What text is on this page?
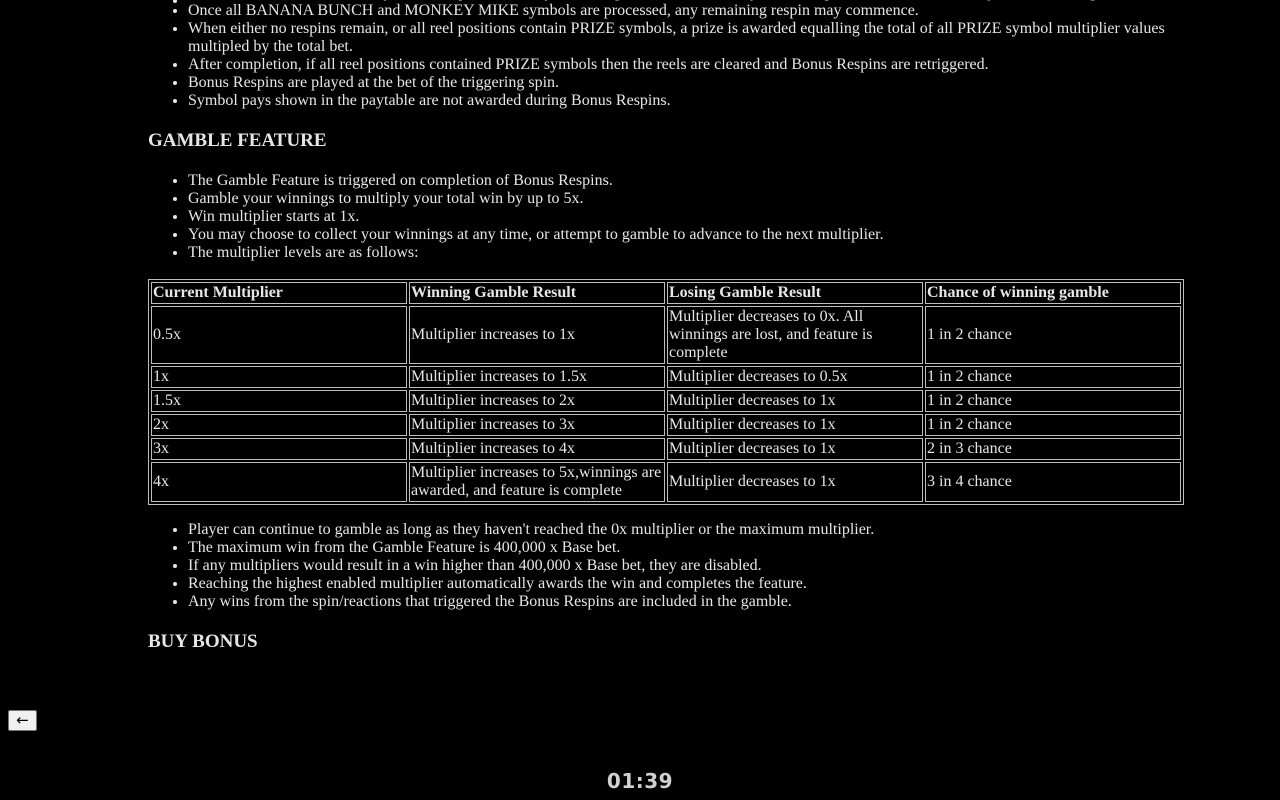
•
• Once all BANANA BUNCH and MONKEY MIKE symbols are processed, any remaining respin may commence.
• When either no respins remain, or all reel positions contain PRIZE symbols, a prize is awarded equalling the total of all PRIZE symbol multiplier values multipled by the total bet.
• After completion, if all reel positions contained PRIZE symbols then the reels are cleared and Bonus Respins are retriggered.
• Bonus Respins are played at the bet of the triggering spin.
• Symbol pays shown in the paytable are not awarded during Bonus Respins.
GAMBLE FEATURE
• The Gamble Feature is triggered on completion of Bonus Respins.
• Gamble your winnings to multiply your total win by up to 5x.
• Win multiplier starts at 1x.
• You may choose to collect your winnings at any time, or attempt to gamble to advance to the next multiplier.
• The multiplier levels are as follows:
Current Multiplier	Winning Gamble Result	Losing Gamble Result	Chance of winning gamble
0.5x	Multiplier increases to 1x	Multiplier decreases to 0x. All winnings are lost, and feature is complete	1 in 2 chance
1x	Multiplier increases to 1.5x	Multiplier decreases to 0.5x	1 in 2 chance
1.5x	Multiplier increases to 2x	Multiplier decreases to 1x	1 in 2 chance
2x	Multiplier increases to 3x	Multiplier decreases to 1x	1 in 2 chance
3x	Multiplier increases to 4x	Multiplier decreases to 1x	2 in 3 chance
4x	Multiplier increases to 5x,winnings are awarded, and feature is complete	Multiplier decreases to 1x	3 in 4 chance
• Player can continue to gamble as long as they haven't reached the 0x multiplier or the maximum multiplier.
• The maximum win from the Gamble Feature is 400,000 x Base bet.
• If any multipliers would result in a win higher than 400,000 x Base bet, they are disabled.
• Reaching the highest enabled multiplier automatically awards the win and completes the feature.
• Any wins from the spin/reactions that triggered the Bonus Respins are included in the gamble.
BUY BONUS
←
01:39
